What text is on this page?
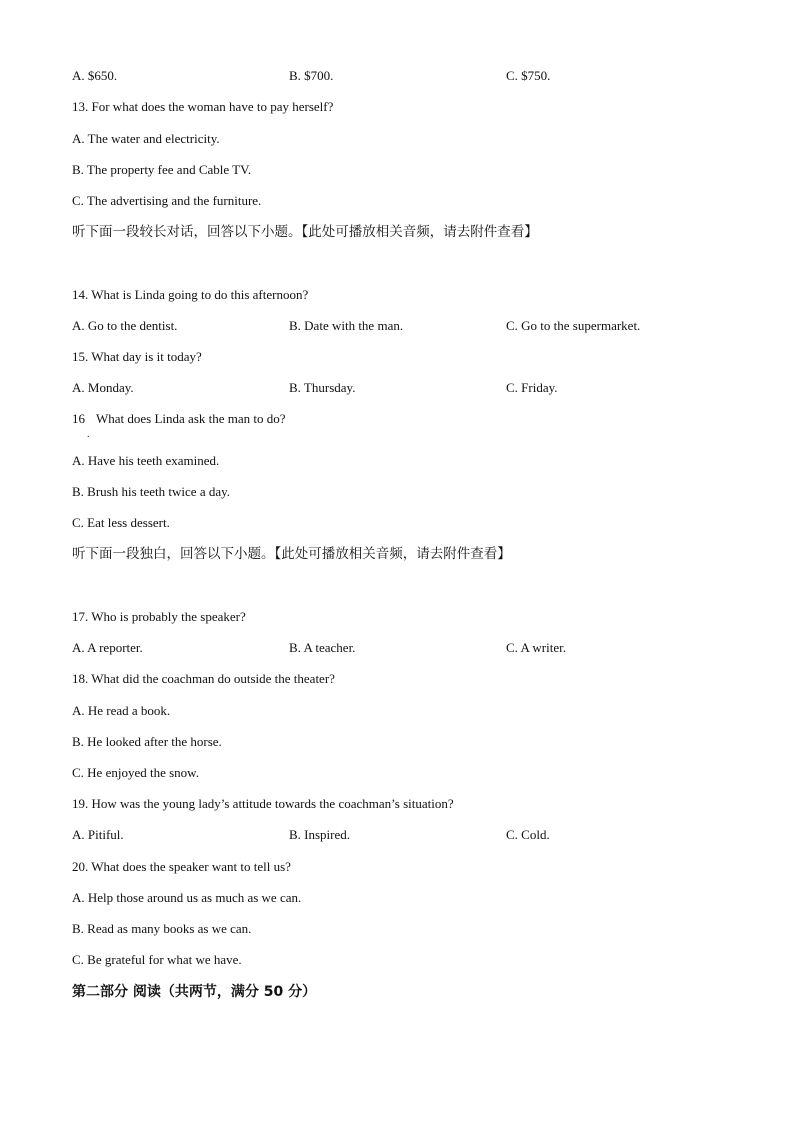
A. $650.	B. $700.	C. $750.
13. For what does the woman have to pay herself?
A. The water and electricity.
B. The property fee and Cable TV.
C. The advertising and the furniture.
听下面一段较长对话，回答以下小题。【此处可播放相关音频，请去附件查看】
14. What is Linda going to do this afternoon?
A. Go to the dentist.	B. Date with the man.	C. Go to the supermarket.
15. What day is it today?
A. Monday.	B. Thursday.	C. Friday.
16
.
What does Linda ask the man to do?
A. Have his teeth examined.
B. Brush his teeth twice a day.
C. Eat less dessert.
听下面一段独白，回答以下小题。【此处可播放相关音频，请去附件查看】
17. Who is probably the speaker?
A. A reporter.	B. A teacher.	C. A writer.
18. What did the coachman do outside the theater?
A. He read a book.
B. He looked after the horse.
C. He enjoyed the snow.
19. How was the young lady’s attitude towards the coachman’s situation?
A. Pitiful.	B. Inspired.	C. Cold.
20. What does the speaker want to tell us?
A. Help those around us as much as we can.
B. Read as many books as we can.
C. Be grateful for what we have.
第二部分 阅读（共两节，满分 50 分）
